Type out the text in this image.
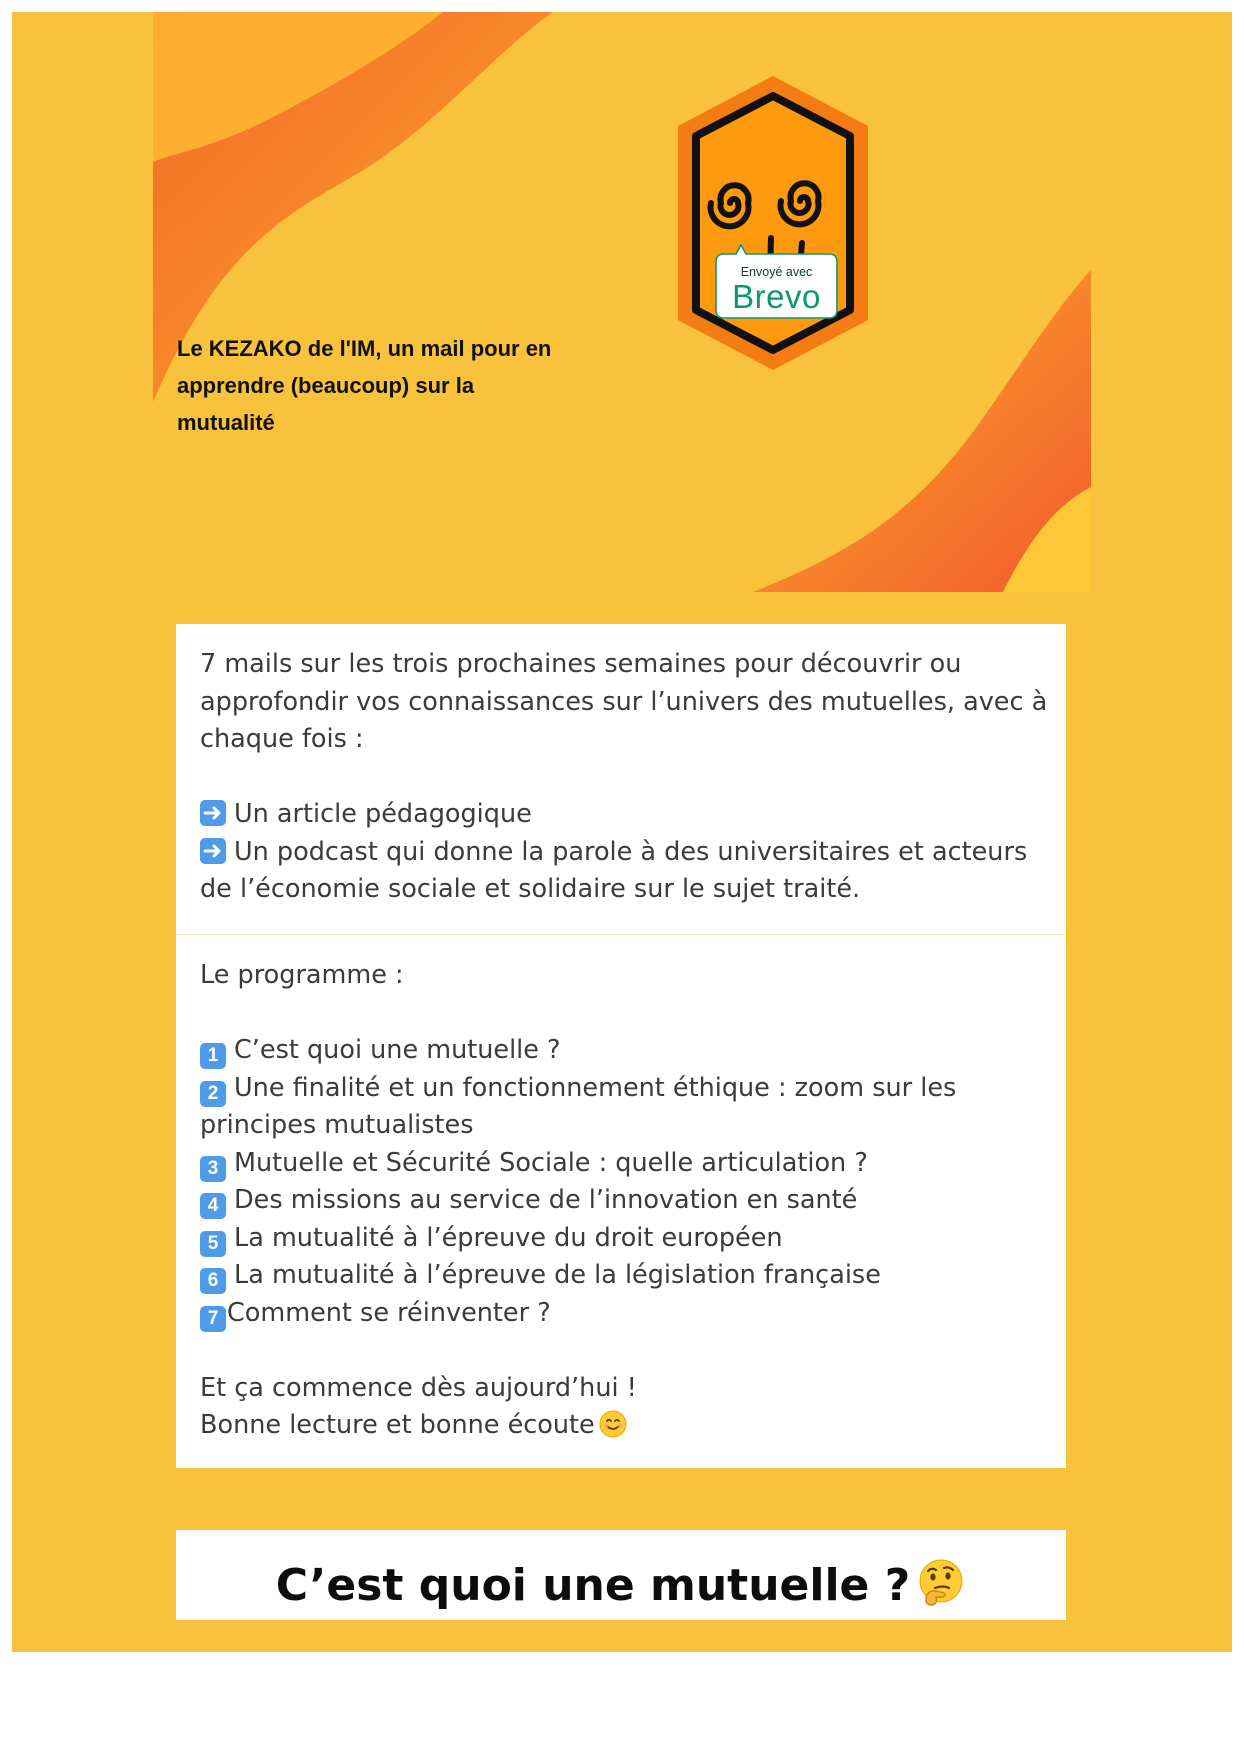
Le KEZAKO de l'IM, un mail pour en apprendre (beaucoup) sur la mutualité
Envoyé avec
Brevo
7 mails sur les trois prochaines semaines pour découvrir ou
approfondir vos connaissances sur l’univers des mutuelles, avec à
chaque fois :
Un article pédagogique
Un podcast qui donne la parole à des universitaires et acteurs
de l’économie sociale et solidaire sur le sujet traité.
Le programme :
1 C’est quoi une mutuelle ?
2 Une finalité et un fonctionnement éthique : zoom sur les
principes mutualistes
3 Mutuelle et Sécurité Sociale : quelle articulation ?
4 Des missions au service de l’innovation en santé
5 La mutualité à l’épreuve du droit européen
6 La mutualité à l’épreuve de la législation française
7 Comment se réinventer ?
Et ça commence dès aujourd’hui !
Bonne lecture et bonne écoute
C’est quoi une mutuelle ?
